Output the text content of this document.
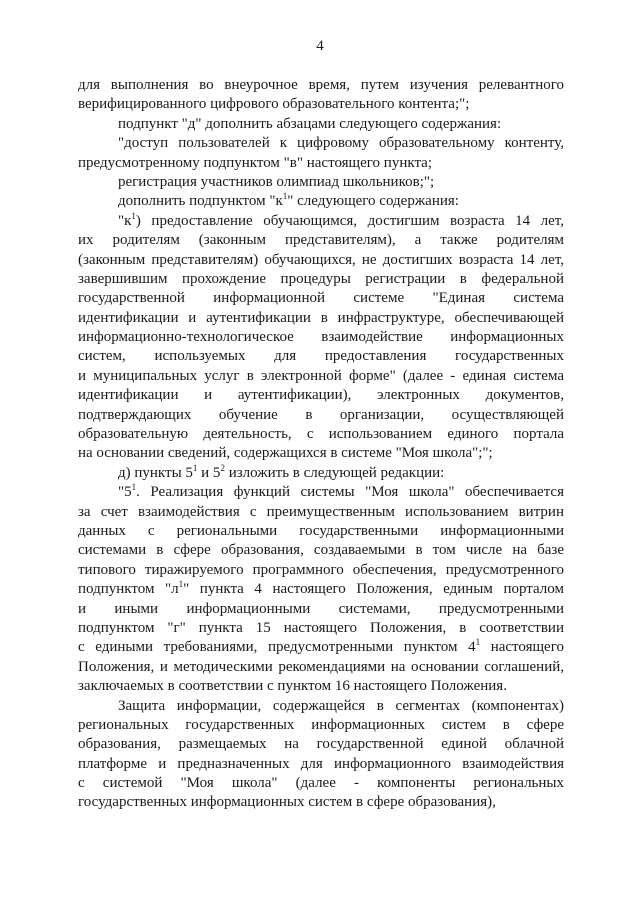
4
для выполнения во внеурочное время, путем изучения релевантного
верифицированного цифрового образовательного контента;";
подпункт "д" дополнить абзацами следующего содержания:
"доступ пользователей к цифровому образовательному контенту,
предусмотренному подпунктом "в" настоящего пункта;
регистрация участников олимпиад школьников;";
дополнить подпунктом "$к^1$" следующего содержания:
"$к^1$) предоставление обучающимся, достигшим возраста 14 лет,
их родителям (законным представителям), а также родителям
(законным представителям) обучающихся, не достигших возраста 14 лет,
завершившим прохождение процедуры регистрации в федеральной
государственной информационной системе "Единая система
идентификации и аутентификации в инфраструктуре, обеспечивающей
информационно-технологическое взаимодействие информационных
систем, используемых для предоставления государственных
и муниципальных услуг в электронной форме" (далее - единая система
идентификации и аутентификации), электронных документов,
подтверждающих обучение в организации, осуществляющей
образовательную деятельность, с использованием единого портала
на основании сведений, содержащихся в системе "Моя школа";";
д) пункты $5^1$ и $5^2$ изложить в следующей редакции:
"$5^1$. Реализация функций системы "Моя школа" обеспечивается
за счет взаимодействия с преимущественным использованием витрин
данных с региональными государственными информационными
системами в сфере образования, создаваемыми в том числе на базе
типового тиражируемого программного обеспечения, предусмотренного
подпунктом "$л^1$" пункта 4 настоящего Положения, единым порталом
и иными информационными системами, предусмотренными
подпунктом "г" пункта 15 настоящего Положения, в соответствии
с едиными требованиями, предусмотренными пунктом $4^1$ настоящего
Положения, и методическими рекомендациями на основании соглашений,
заключаемых в соответствии с пунктом 16 настоящего Положения.
Защита информации, содержащейся в сегментах (компонентах)
региональных государственных информационных систем в сфере
образования, размещаемых на государственной единой облачной
платформе и предназначенных для информационного взаимодействия
с системой "Моя школа" (далее - компоненты региональных
государственных информационных систем в сфере образования),
